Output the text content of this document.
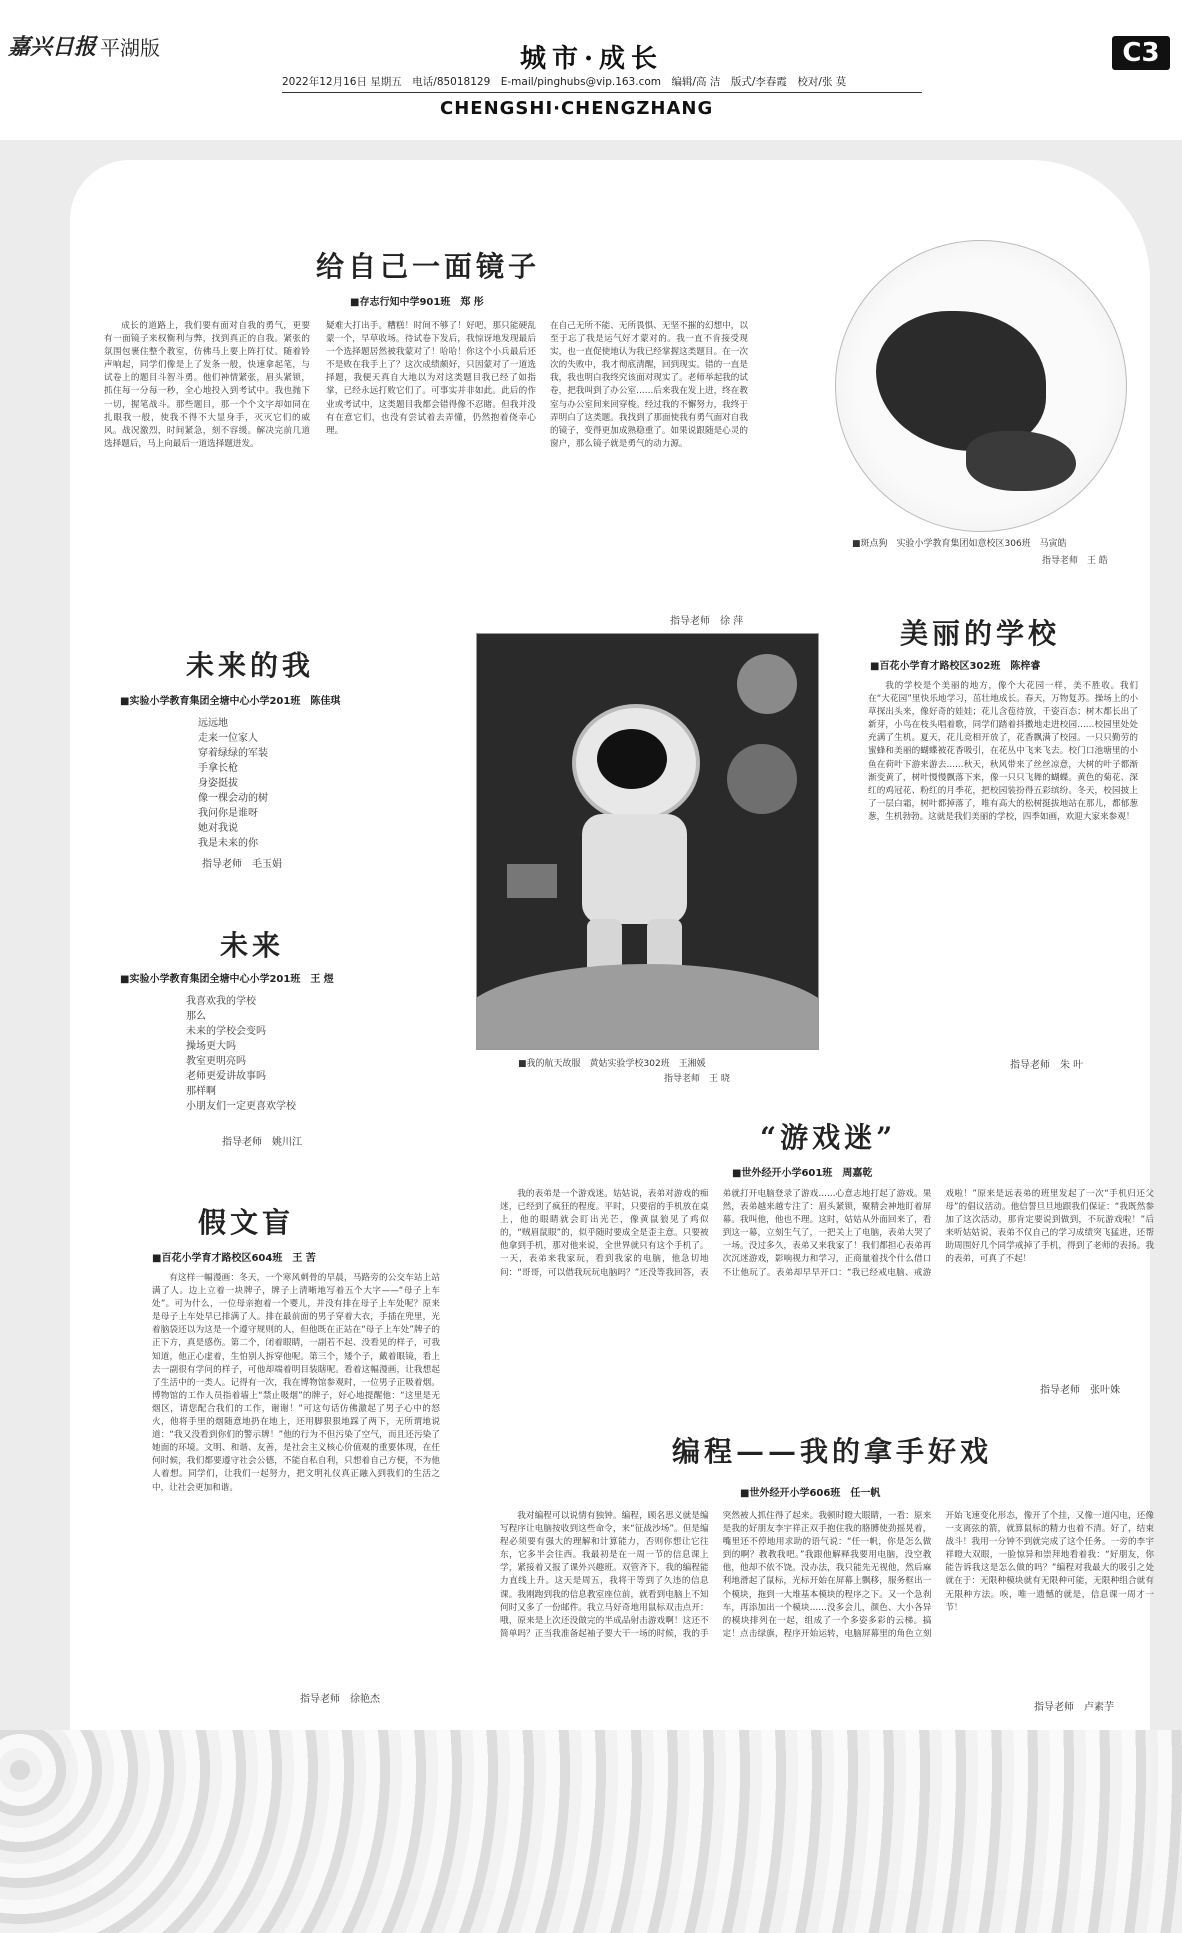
嘉兴日报 平湖版	城市·成长	C3
2022年12月16日 星期五　电话/85018129　E-mail/pinghubs@vip.163.com　编辑/高 洁　版式/李春霞　校对/张 莫
CHENGSHI·CHENGZHANG
给自己一面镜子
■存志行知中学901班　郑 彤
成长的道路上，我们要有面对自我的勇气，更要有一面镜子来权衡利与弊，找到真正的自我。紧张的氛围包裹住整个教室，仿佛马上要上阵打仗。随着铃声响起，同学们像是上了发条一般，快速拿起笔，与试卷上的题目斗智斗勇。他们神情紧张，眉头紧锁，抓住每一分每一秒，全心地投入到考试中。我也抛下一切，握笔战斗。那些题目，那一个个文字却如同在扎眼我一般，使我不得不大显身手，灭灭它们的威风。战况激烈，时间紧急，刻不容缓。解决完前几道选择题后，马上向最后一道选择题进发。
疑难大打出手。糟糕！时间不够了！好吧，那只能硬乱蒙一个，早草收场。待试卷下发后，我惊讶地发现最后一个选择题居然被我蒙对了！哈哈！你这个小兵最后还不是败在我手上了？这次成绩颇好，只因蒙对了一道选择题，我便天真自大地以为对这类题目我已经了如指掌，已经永远打败它们了。可事实并非如此。此后的作业或考试中，这类题目我都会错得像不忍睹。但我并没有在意它们，也没有尝试着去弄懂，仍然抱着侥幸心理。
在自己无所不能、无所畏惧、无坚不摧的幻想中，以至于忘了我是运气好才蒙对的。我一直不肯接受现实，也一直促使地认为我已经掌握这类题目。在一次次的失败中，我才彻底清醒，回到现实。错的一直是我，我也明白我终究该面对现实了。老师举起我的试卷，把我叫到了办公室……后来我在发上进，终在教室与办公室间来回穿梭。经过我的不懈努力，我终于弄明白了这类题。我找到了那面使我有勇气面对自我的镜子，变得更加成熟稳重了。如果说跟随是心灵的窗户，那么镜子就是勇气的动力源。
指导老师　徐 萍
■斑点狗　实验小学教育集团如意校区306班　马寅皓
指导老师　王 皓
未来的我
■实验小学教育集团全塘中心小学201班　陈佳琪
远远地
走来一位家人
穿着绿绿的军装
手拿长枪
身姿挺拔
像一棵会动的树
我问你是谁呀
她对我说
我是未来的你
指导老师　毛玉娟
未来
■实验小学教育集团全塘中心小学201班　王 煜
我喜欢我的学校
那么
未来的学校会变吗
操场更大吗
教室更明亮吗
老师更爱讲故事吗
那样啊
小朋友们一定更喜欢学校
指导老师　姚川江
■我的航天故服　黄姑实验学校302班　王湘媛
指导老师　王 晓
美丽的学校
■百花小学育才路校区302班　陈梓睿
我的学校是个美丽的地方，像个大花园一样，美不胜收。我们在“大花园”里快乐地学习，茁壮地成长。春天，万物复苏。操场上的小草探出头来，像好奇的娃娃；花儿含苞待放，千姿百态；树木都长出了新芽，小鸟在枝头唱着歌，同学们踏着抖擞地走进校园……校园里处处充满了生机。夏天，花儿竞相开放了，花香飘满了校园。一只只勤劳的蜜蜂和美丽的蝴蝶被花香吸引，在花丛中飞来飞去。校门口池塘里的小鱼在荷叶下游来游去……秋天，秋风带来了丝丝凉意，大树的叶子都渐渐变黄了，树叶慢慢飘落下来，像一只只飞舞的蝴蝶。黄色的菊花、深红的鸡冠花、粉红的月季花，把校园装扮得五彩缤纷。冬天，校园披上了一层白霜，树叶都掉落了，唯有高大的松树挺拔地站在那儿，都郁葱葱，生机勃勃。这就是我们美丽的学校，四季如画，欢迎大家来参观！
指导老师　朱 叶
假文盲
■百花小学育才路校区604班　王 苦
有这样一幅漫画：冬天，一个寒风刺骨的早晨，马路旁的公交车站上站满了人。边上立着一块牌子，牌子上清晰地写着五个大字——“母子上车处”。可为什么，一位母亲抱着一个婴儿，并没有排在母子上车处呢？原来是母子上车处早已排满了人。排在最前面的男子穿着大衣，手插在兜里，光着脑袋还以为这是一个遵守规则的人，但他既在正站在“母子上车处”牌子的正下方，真是感伤。第二个，闭着眼睛，一副若不起、没看见的样子，可我知道，他正心虚着，生怕别人拆穿他呢。第三个，矮个子，戴着眼镜，看上去一副很有学问的样子，可他却端着明目装瞎呢。看着这幅漫画，让我想起了生活中的一类人。记得有一次，我在博物馆参观时，一位男子正吸着烟。博物馆的工作人员指着墙上“禁止吸烟”的牌子，好心地提醒他：“这里是无烟区，请您配合我们的工作，谢谢！”可这句话仿佛激起了男子心中的怒火，他将手里的烟随意地扔在地上，还用脚狠狠地踩了两下，无所谓地说道：“我又没看到你们的警示牌！”他的行为不但污染了空气，而且还污染了她面的环境。文明、和谐、友善，是社会主义核心价值观的重要体现，在任何时候，我们都要遵守社会公德，不能自私自利，只想着自己方便，不为他人着想。同学们，让我们一起努力，把文明礼仪真正融入到我们的生活之中，让社会更加和谐。
指导老师　徐艳杰
“游戏迷”
■世外经开小学601班　周嘉乾
我的表弟是一个游戏迷。姑姑说，表弟对游戏的痴迷，已经到了疯狂的程度。平时，只要宿的手机放在桌上，他的眼睛就会盯出光芒，像黄鼠狼见了鸡似的，“贼眉鼠眼”的，似乎随时要成全是歪主意。只要被他拿到手机，那对他来说，全世界就只有这个手机了。一天，表弟来我家玩，看到我家的电脑，他急切地问：“哥哥，可以借我玩玩电脑吗？”还没等我回答，表弟就打开电脑登录了游戏……心意志地打起了游戏。果然，表弟越来越专注了：眉头紧锁，聚精会神地盯着屏幕。我叫他，他也不理。这时，姑姑从外面回来了，看到这一幕，立刻生气了，一把关上了电脑，表弟大哭了一场。没过多久，表弟又来我家了！我们都担心表弟再次沉迷游戏，影响视力和学习，正商量着找个什么借口不让他玩了。表弟却早早开口：“我已经戒电脑、戒游戏啦！”原来是远表弟的班里发起了一次“手机归还父母”的倡议活动。他信誓旦旦地跟我们保证：“我既然参加了这次活动，那肯定要说到做到，不玩游戏啦！”后来听姑姑说，表弟不仅自己的学习成绩突飞猛进，还帮助周围好几个同学戒掉了手机，得到了老师的表扬。我的表弟，可真了不起！
指导老师　张叶姝
编程——我的拿手好戏
■世外经开小学606班　任一帆
我对编程可以说情有独钟。编程，顾名思义就是编写程序让电脑按收到这些命令，来“征战沙场”。但是编程必须要有强大的理解和计算能力，否则你想让它往东，它多半会往西。我最初是在一周一节的信息课上学，紧接着又报了课外兴趣班。双管齐下，我的编程能力直线上升。这天是周五，我将干等到了久违的信息课。我刚跑到我的信息教室座位前，就看到电脑上不知何时又多了一份邮件。我立马好奇地用鼠标双击点开：哦，原来是上次还没做完的半成品射击游戏啊！这还不简单吗？正当我准备起袖子要大干一场的时候，我的手突然被人抓住得了起来。我顿时瞪大眼睛，一看：原来是我的好朋友李宇祥正双手抱住我的胳膊使劲摇晃着，嘴里还不停地用求助的语气说：“任一帆，你是怎么做到的啊？教教我吧。”我跟他解释我要用电脑，没空教他，他却不依不饶。没办法，我只能先无视他，然后麻利地滑起了鼠标，光标开始在屏幕上飘移，服务框出一个模块，拖到一大堆基本模块的程序之下。又一个急刹车，再添加出一个模块……没多会儿，颜色、大小各异的模块排列在一起，组成了一个多姿多彩的云梯。搞定！点击绿旗，程序开始运转，电脑屏幕里的角色立刻开始飞速变化形态，像开了个挂，又像一道闪电，还像一支离弦的箭，就算鼠标的精力也着不清。好了，结束战斗！我用一分钟不到就完成了这个任务。一旁的李宇祥瞪大双眼，一脸惊异和崇拜地看着我：“好朋友，你能告诉我这是怎么做的吗？”编程对我最大的吸引之处就在于：无限种模块就有无限种可能，无限种组合就有无限种方法。唉，唯一遗憾的就是，信息课一周才一节！
指导老师　卢素芋
